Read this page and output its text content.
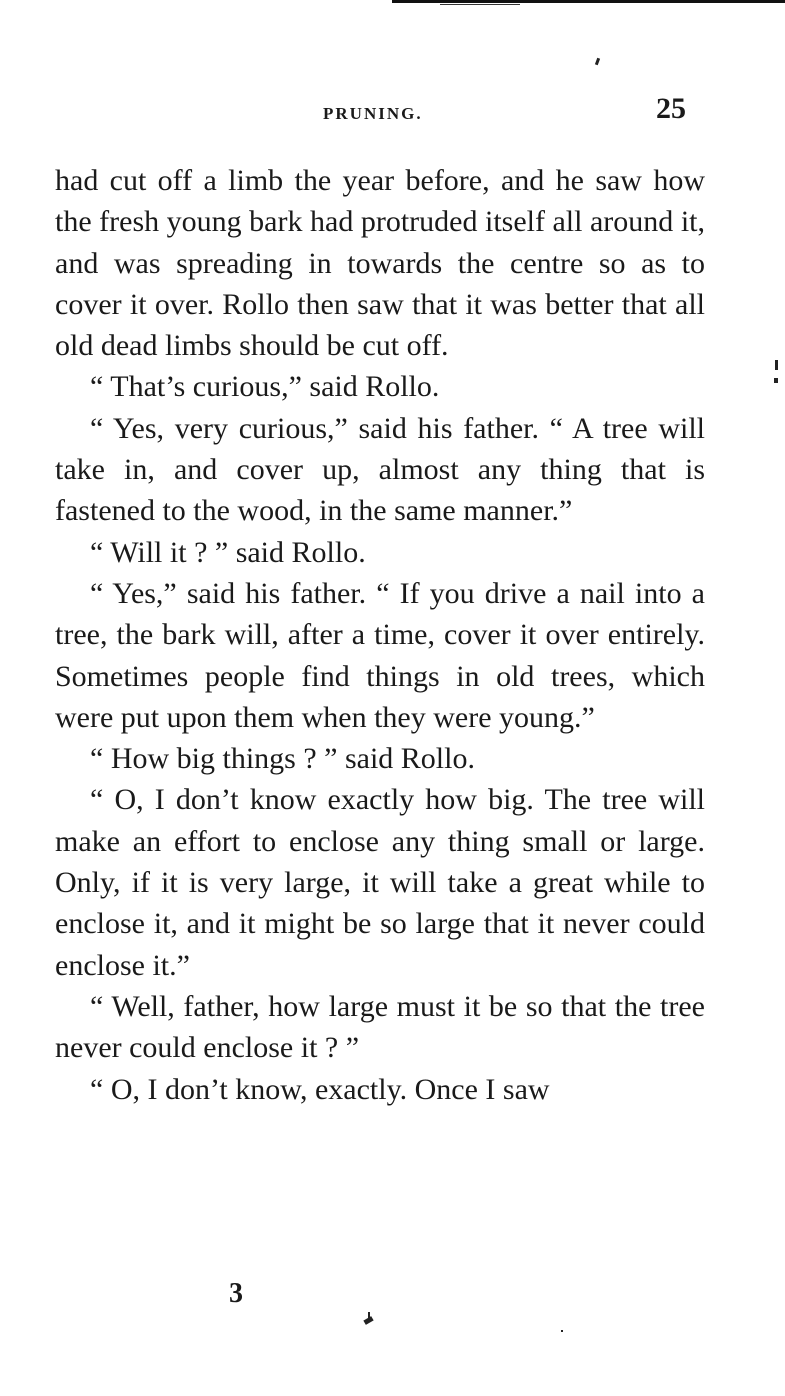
PRUNING.	25

had cut off a limb the year before, and he saw how the fresh young bark had protruded itself all around it, and was spreading in towards the centre so as to cover it over. Rollo then saw that it was better that all old dead limbs should be cut off.

“ That’s curious,” said Rollo.

“ Yes, very curious,” said his father. “ A tree will take in, and cover up, almost any thing that is fastened to the wood, in the same manner.”

“ Will it ? ” said Rollo.

“ Yes,” said his father. “ If you drive a nail into a tree, the bark will, after a time, cover it over entirely. Sometimes people find things in old trees, which were put upon them when they were young.”

“ How big things ? ” said Rollo.

“ O, I don’t know exactly how big. The tree will make an effort to enclose any thing small or large. Only, if it is very large, it will take a great while to enclose it, and it might be so large that it never could enclose it.”

“ Well, father, how large must it be so that the tree never could enclose it ? ”

“ O, I don’t know, exactly. Once I saw

3
